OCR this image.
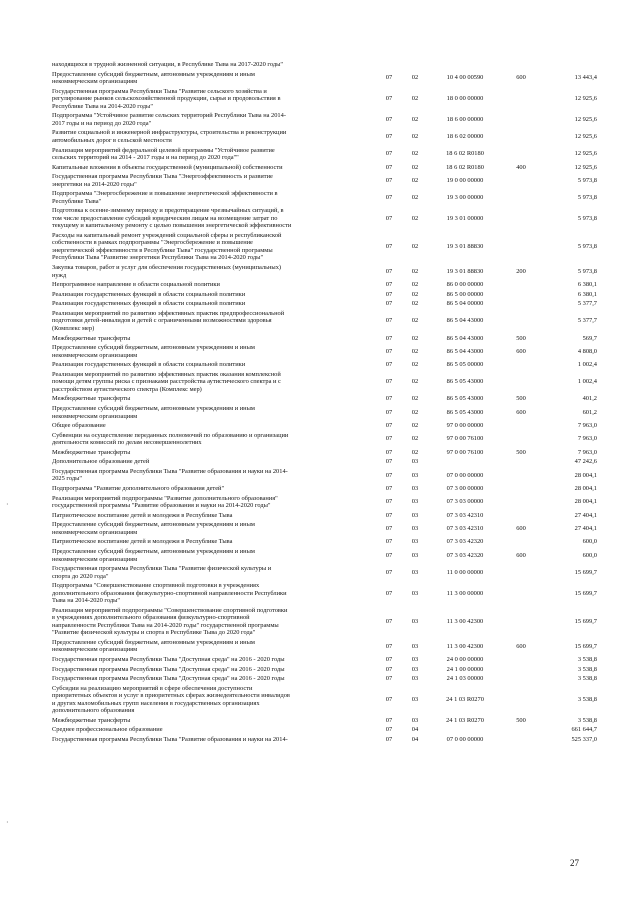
находящихся в трудной жизненной ситуации, в Республике Тыва на 2017-2020 годы"
Предоставление субсидий бюджетным, автономным учреждениям и иным
некоммерческим организациям
07	02	10 4 00 00590	600	13 443,4
Государственная программа Республики Тыва "Развитие сельского хозяйства и
регулирование рынков сельскохозяйственной продукции, сырья и продовольствия в
Республике Тыва на 2014-2020 годы"
07	02	18 0 00 00000	12 925,6
Подпрограмма "Устойчивое развитие сельских территорий Республики Тыва на 2014-
2017 годы и на период до 2020 года"
07	02	18 6 00 00000	12 925,6
Развитие социальной и инженерной инфраструктуры, строительства и реконструкции
автомобильных дорог в сельской местности
07	02	18 6 02 00000	12 925,6
Реализация мероприятий федеральной целевой программы "Устойчивое развитие
сельских территорий на 2014 - 2017 годы и на период до 2020 года""
07	02	18 6 02 R0180	12 925,6
Капитальные вложения в объекты государственной (муниципальной) собственности	07	02	18 6 02 R0180	400	12 925,6
Государственная программа Республики Тыва "Энергоэффективность и развитие
энергетики на 2014-2020 годы"
07	02	19 0 00 00000	5 973,8
Подпрограмма "Энергосбережение и повышение энергетической эффективности в
Республике Тыва"
07	02	19 3 00 00000	5 973,8
Подготовка к осенне-зимнему периоду и предотвращение чрезвычайных ситуаций, в
том числе предоставление субсидий юридическим лицам на возмещение затрат по
текущему и капитальному ремонту с целью повышения энергетической эффективности
07	02	19 3 01 00000	5 973,8
Расходы на капитальный ремонт учреждений социальной сферы и республиканской
собственности в рамках подпрограммы "Энергосбережение и повышение
энергетической эффективности в Республике Тыва" государственной программы
Республики Тыва "Развитие энергетики Республики Тыва на 2014-2020 годы"
07	02	19 3 01 88830	5 973,8
Закупка товаров, работ и услуг для обеспечения государственных (муниципальных)
нужд
07	02	19 3 01 88830	200	5 973,8
Непрограммное направление в области социальной политики	07	02	86 0 00 00000	6 380,1
Реализация государственных функций в области социальной политики	07	02	86 5 00 00000	6 380,1
Реализация государственных функций в области социальной политики	07	02	86 5 04 00000	5 377,7
Реализация мероприятий по развитию эффективных практик предпрофессиональной
подготовки детей-инвалидов и детей с ограниченными возможностями здоровья
(Комплекс мер)
07	02	86 5 04 43000	5 377,7
Межбюджетные трансферты	07	02	86 5 04 43000	500	569,7
Предоставление субсидий бюджетным, автономным учреждениям и иным
некоммерческим организациям
07	02	86 5 04 43000	600	4 808,0
Реализация государственных функций в области социальной политики	07	02	86 5 05 00000	1 002,4
Реализация мероприятий по развитию эффективных практик оказания комплексной
помощи детям группы риска с признаками расстройства аутистического спектра и с
расстройством аутистического спектра (Комплекс мер)
07	02	86 5 05 43000	1 002,4
Межбюджетные трансферты	07	02	86 5 05 43000	500	401,2
Предоставление субсидий бюджетным, автономным учреждениям и иным
некоммерческим организациям
07	02	86 5 05 43000	600	601,2
Общее образование	07	02	97 0 00 00000	7 963,0
Субвенции на осуществление переданных полномочий по образованию и организации
деятельности комиссий по делам несовершеннолетних
07	02	97 0 00 76100	7 963,0
Межбюджетные трансферты	07	02	97 0 00 76100	500	7 963,0
Дополнительное образование детей	07	03	47 242,6
Государственная программа Республики Тыва "Развитие образования и науки на 2014-
2025 годы"
07	03	07 0 00 00000	28 004,1
Подпрограмма "Развитие дополнительного образования детей"	07	03	07 3 00 00000	28 004,1
Реализация мероприятий подпрограммы "Развитие дополнительного образования"
государственной программы "Развитие образования и науки на 2014-2020 годы"
07	03	07 3 03 00000	28 004,1
Патриотическое воспитание детей и молодежи в Республике Тыва	07	03	07 3 03 42310	27 404,1
Предоставление субсидий бюджетным, автономным учреждениям и иным
некоммерческим организациям
07	03	07 3 03 42310	600	27 404,1
Патриотическое воспитание детей и молодежи в Республике Тыва	07	03	07 3 03 42320	600,0
Предоставление субсидий бюджетным, автономным учреждениям и иным
некоммерческим организациям
07	03	07 3 03 42320	600	600,0
Государственная программа Республики Тыва "Развитие физической культуры и
спорта до 2020 года"
07	03	11 0 00 00000	15 699,7
Подпрограмма "Совершенствование спортивной подготовки в учреждениях
дополнительного образования физкультурно-спортивной направленности Республики
Тыва на 2014-2020 годы"
07	03	11 3 00 00000	15 699,7
Реализация мероприятий подпрограммы "Совершенствование спортивной подготовки
в учреждениях дополнительного образования физкультурно-спортивной
направленности Республики Тыва на 2014-2020 годы" государственной программы
"Развитие физической культуры и спорта в Республике Тыва до 2020 года"
07	03	11 3 00 42300	15 699,7
Предоставление субсидий бюджетным, автономным учреждениям и иным
некоммерческим организациям
07	03	11 3 00 42300	600	15 699,7
Государственная программа Республики Тыва "Доступная среда" на 2016 - 2020 годы	07	03	24 0 00 00000	3 538,8
Государственная программа Республики Тыва "Доступная среда" на 2016 - 2020 годы	07	03	24 1 00 00000	3 538,8
Государственная программа Республики Тыва "Доступная среда" на 2016 - 2020 годы	07	03	24 1 03 00000	3 538,8
Субсидии на реализацию мероприятий в сфере обеспечения доступности
приоритетных объектов и услуг в приоритетных сферах жизнедеятельности инвалидов
и других маломобильных групп населения в государственных организациях
дополнительного образования
07	03	24 1 03 R0270	3 538,8
Межбюджетные трансферты	07	03	24 1 03 R0270	500	3 538,8
Среднее профессиональное образование	07	04	661 644,7
Государственная программа Республики Тыва "Развитие образования и науки на 2014-	07	04	07 0 00 00000	525 337,0
27
·
·
